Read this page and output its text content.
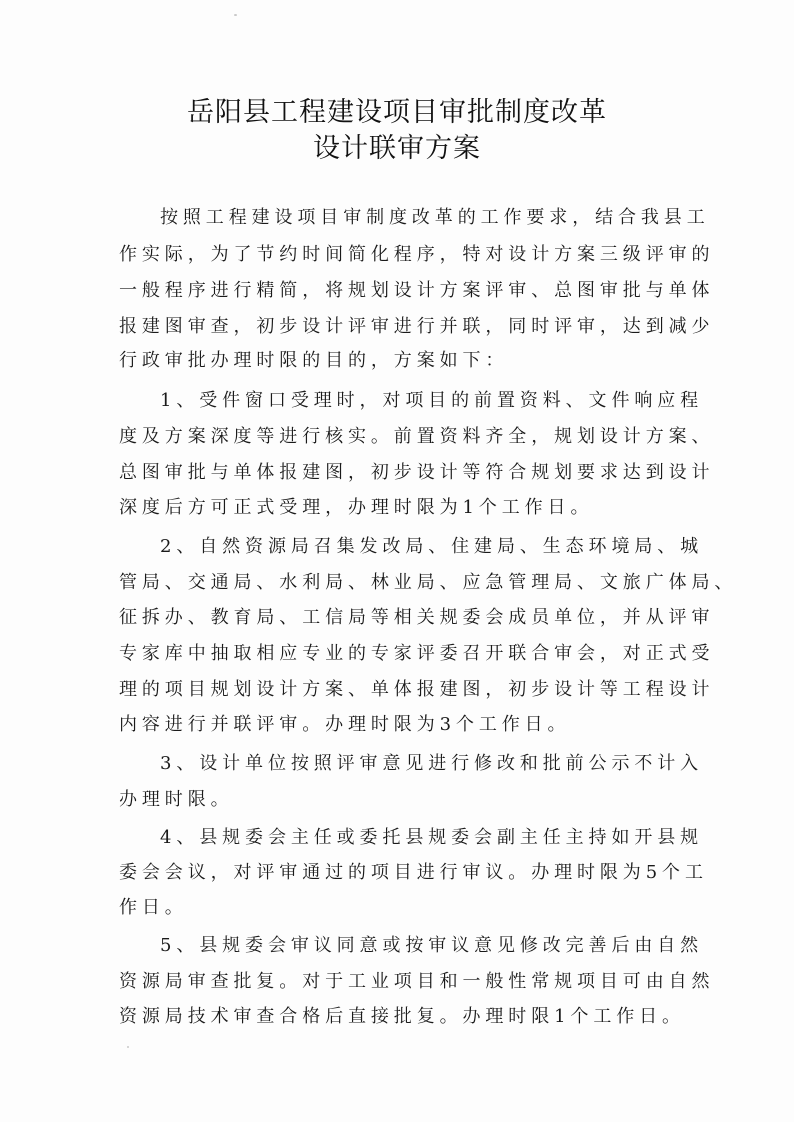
岳阳县工程建设项目审批制度改革
设计联审方案
按照工程建设项目审制度改革的工作要求，结合我县工
作实际，为了节约时间简化程序，特对设计方案三级评审的
一般程序进行精简，将规划设计方案评审、总图审批与单体
报建图审查，初步设计评审进行并联，同时评审，达到减少
行政审批办理时限的目的，方案如下：
1、受件窗口受理时，对项目的前置资料、文件响应程
度及方案深度等进行核实。前置资料齐全，规划设计方案、
总图审批与单体报建图，初步设计等符合规划要求达到设计
深度后方可正式受理，办理时限为1个工作日。
2、自然资源局召集发改局、住建局、生态环境局、城
管局、交通局、水利局、林业局、应急管理局、文旅广体局、
征拆办、教育局、工信局等相关规委会成员单位，并从评审
专家库中抽取相应专业的专家评委召开联合审会，对正式受
理的项目规划设计方案、单体报建图，初步设计等工程设计
内容进行并联评审。办理时限为3个工作日。
3、设计单位按照评审意见进行修改和批前公示不计入
办理时限。
4、县规委会主任或委托县规委会副主任主持如开县规
委会会议，对评审通过的项目进行审议。办理时限为5个工
作日。
5、县规委会审议同意或按审议意见修改完善后由自然
资源局审查批复。对于工业项目和一般性常规项目可由自然
资源局技术审查合格后直接批复。办理时限1个工作日。
